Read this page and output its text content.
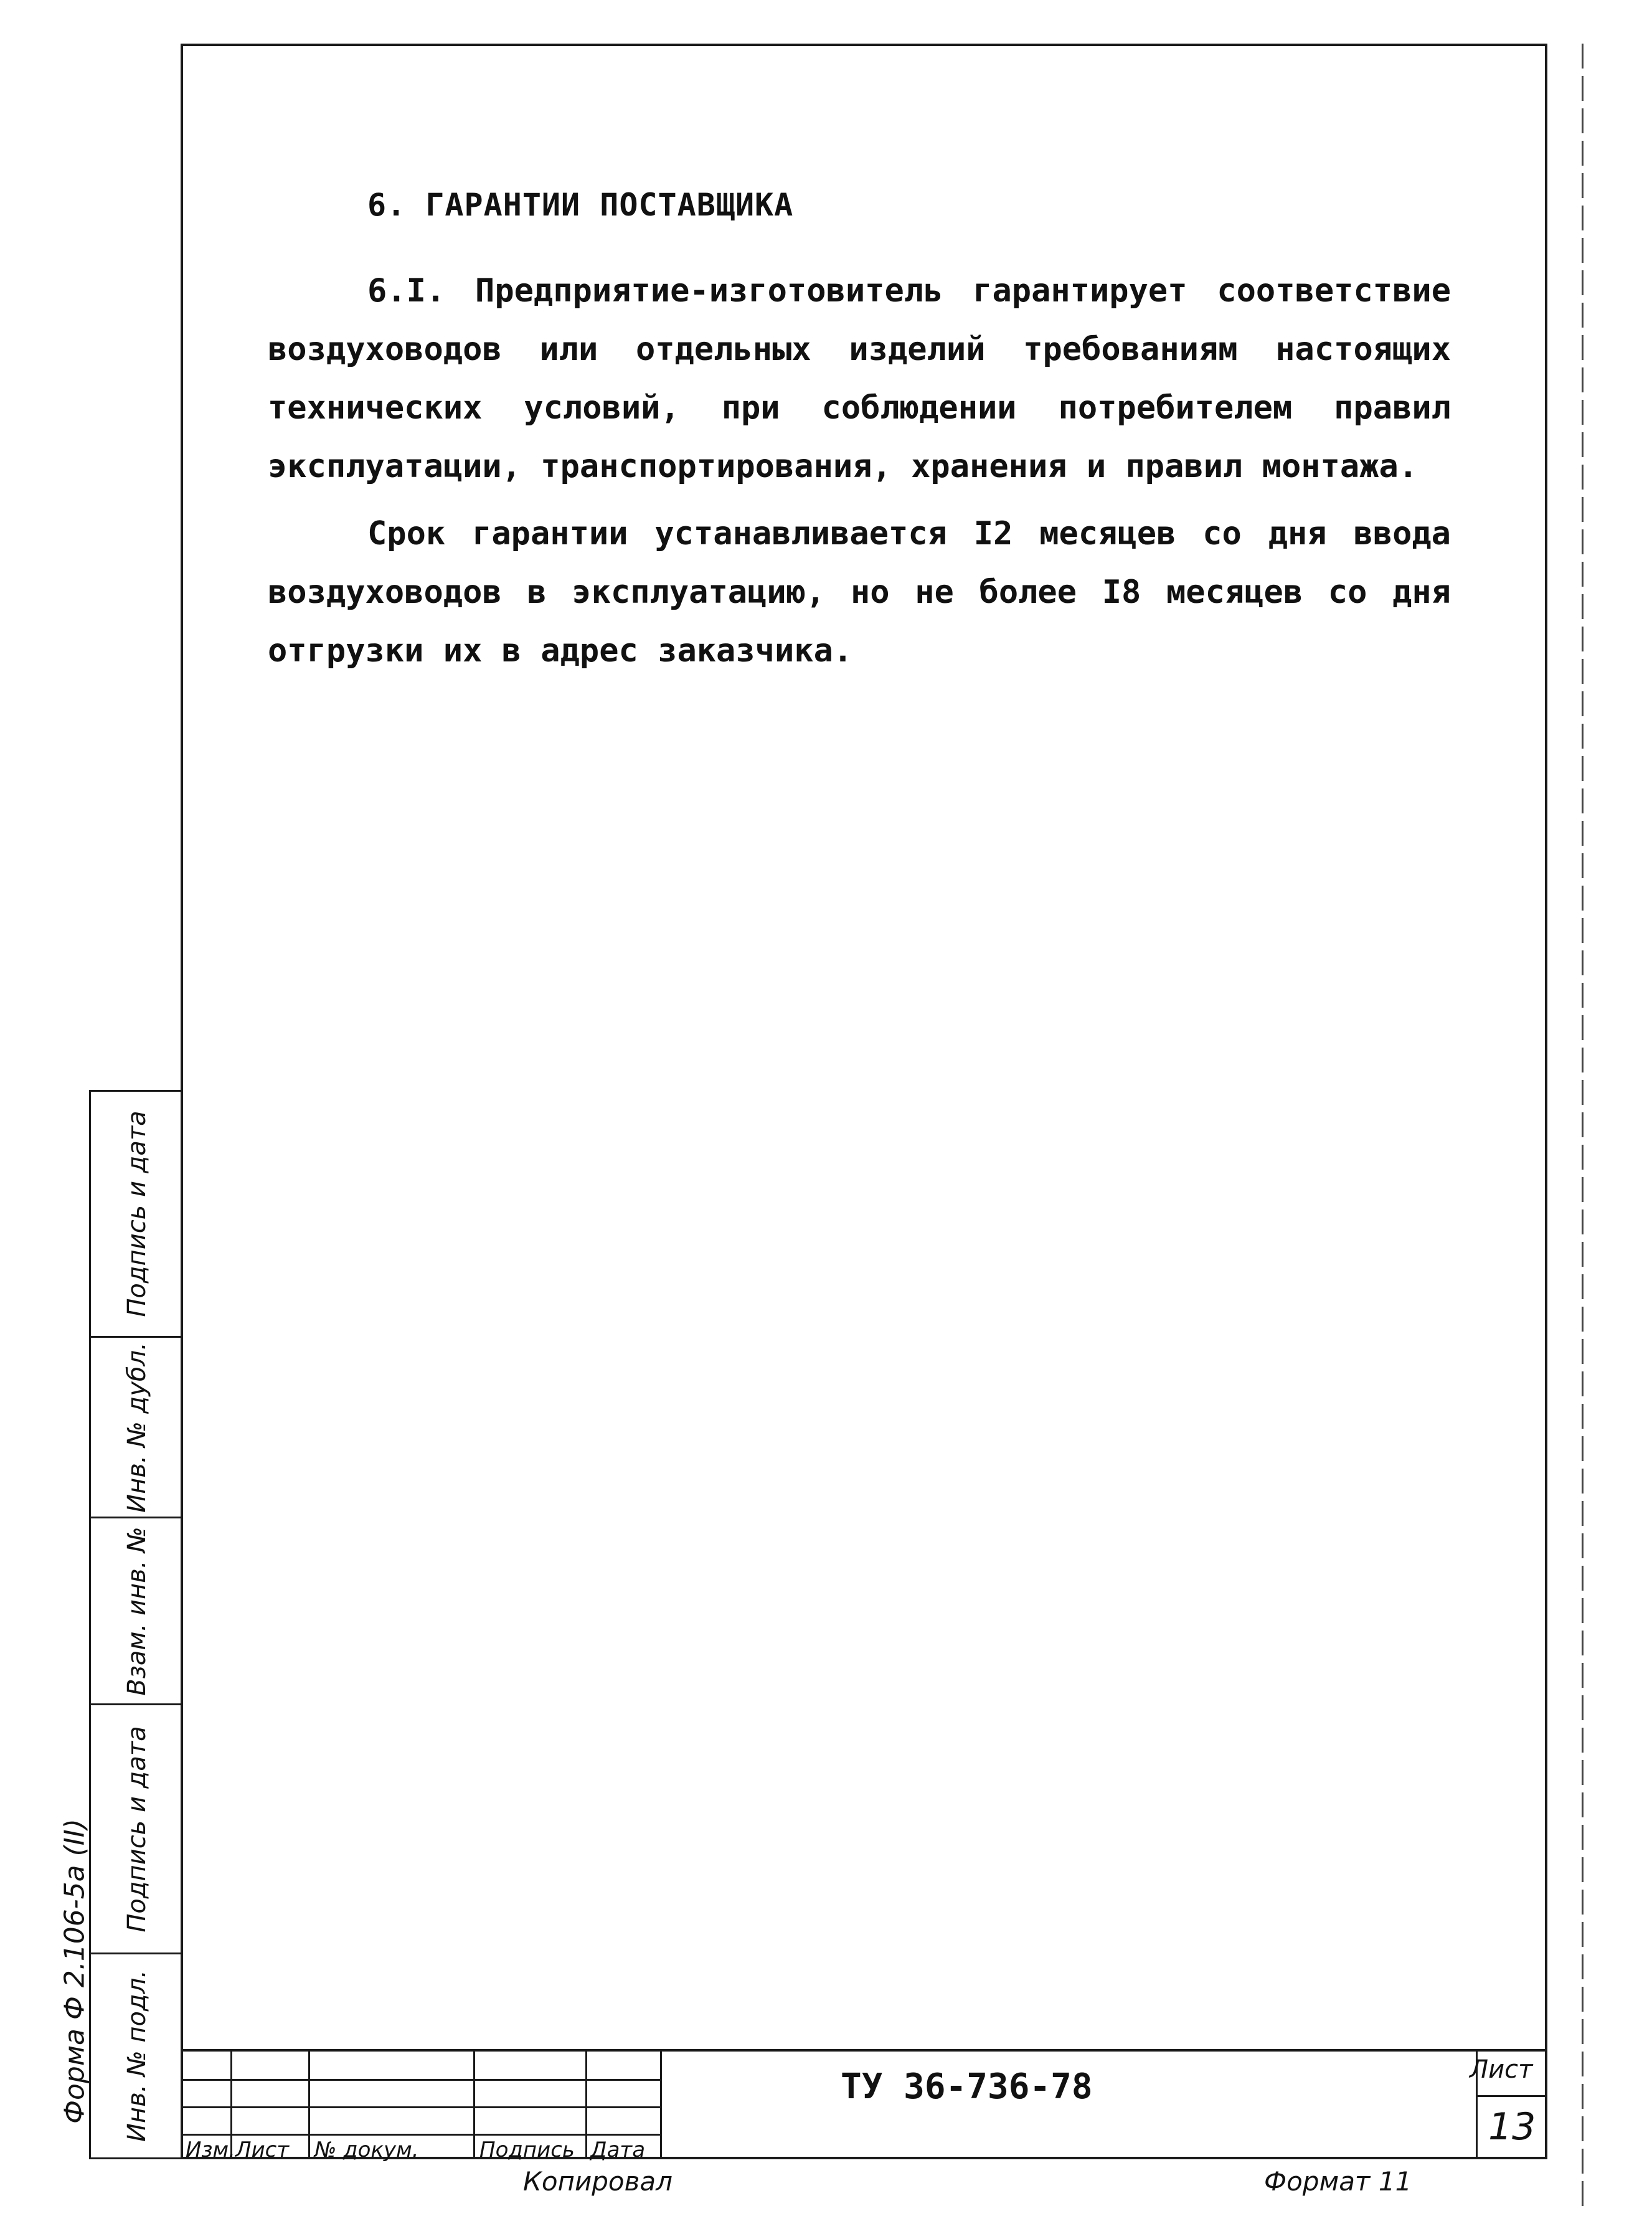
6. ГАРАНТИИ ПОСТАВЩИКА
6.I. Предприятие-изготовитель гарантирует соответствие воздуховодов или отдельных изделий требованиям настоящих технических условий, при соблюдении потребителем правил эксплуатации, транспортирования, хранения и правил монтажа.
Срок гарантии устанавливается I2 месяцев со дня ввода воздуховодов в эксплуатацию, но не более I8 месяцев со дня отгрузки их в адрес заказчика.
Форма Ф 2.106-5а (II)
Подпись и дата
Инв. № дубл.
Взам. инв. №
Подпись и дата
Инв. № подл.
Изм. Лист № докум.	Подпись Дата
ТУ 36-736-78	Лист
13
Копировал	Формат 11
